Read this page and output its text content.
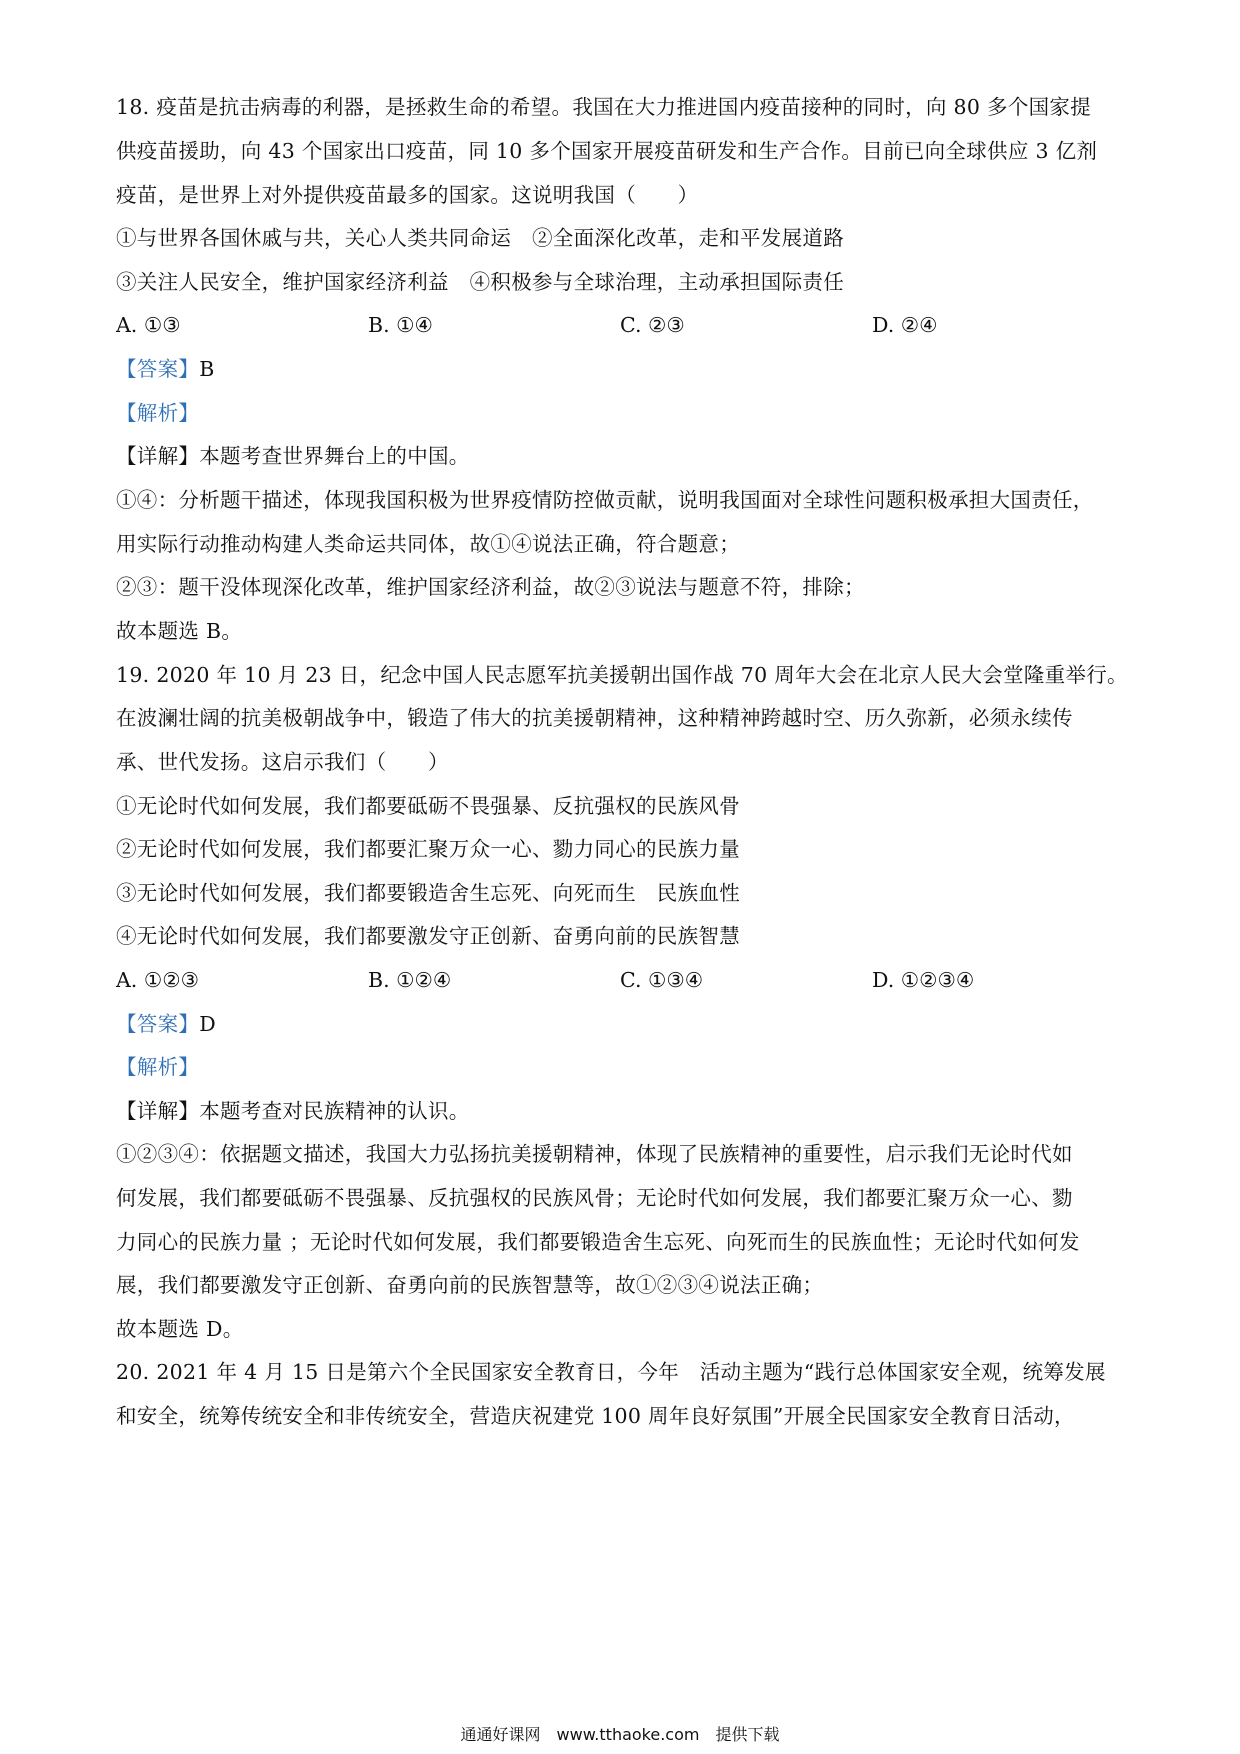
18. 疫苗是抗击病毒的利器，是拯救生命的希望。我国在大力推进国内疫苗接种的同时，向 80 多个国家提
供疫苗援助，向 43 个国家出口疫苗，同 10 多个国家开展疫苗研发和生产合作。目前已向全球供应 3 亿剂
疫苗，是世界上对外提供疫苗最多的国家。这说明我国（　　）
①与世界各国休戚与共，关心人类共同命运　②全面深化改革，走和平发展道路
③关注人民安全，维护国家经济利益　④积极参与全球治理，主动承担国际责任
A. ①③	B. ①④	C. ②③	D. ②④
【答案】B
【解析】
【详解】本题考查世界舞台上的中国。
①④：分析题干描述，体现我国积极为世界疫情防控做贡献，说明我国面对全球性问题积极承担大国责任，
用实际行动推动构建人类命运共同体，故①④说法正确，符合题意；
②③：题干没体现深化改革，维护国家经济利益，故②③说法与题意不符，排除；
故本题选 B。
19. 2020 年 10 月 23 日，纪念中国人民志愿军抗美援朝出国作战 70 周年大会在北京人民大会堂隆重举行。
在波澜壮阔的抗美极朝战争中，锻造了伟大的抗美援朝精神，这种精神跨越时空、历久弥新，必须永续传
承、世代发扬。这启示我们（　　）
①无论时代如何发展，我们都要砥砺不畏强暴、反抗强权的民族风骨
②无论时代如何发展，我们都要汇聚万众一心、勠力同心的民族力量
③无论时代如何发展，我们都要锻造舍生忘死、向死而生　民族血性
④无论时代如何发展，我们都要激发守正创新、奋勇向前的民族智慧
A. ①②③	B. ①②④	C. ①③④	D. ①②③④
【答案】D
【解析】
【详解】本题考查对民族精神的认识。
①②③④：依据题文描述，我国大力弘扬抗美援朝精神，体现了民族精神的重要性，启示我们无论时代如
何发展，我们都要砥砺不畏强暴、反抗强权的民族风骨；无论时代如何发展，我们都要汇聚万众一心、勠
力同心的民族力量 ；无论时代如何发展，我们都要锻造舍生忘死、向死而生的民族血性；无论时代如何发
展，我们都要激发守正创新、奋勇向前的民族智慧等，故①②③④说法正确；
故本题选 D。
20. 2021 年 4 月 15 日是第六个全民国家安全教育日，今年　活动主题为“践行总体国家安全观，统筹发展
和安全，统筹传统安全和非传统安全，营造庆祝建党 100 周年良好氛围”开展全民国家安全教育日活动，
通通好课网　www.tthaoke.com　提供下载
